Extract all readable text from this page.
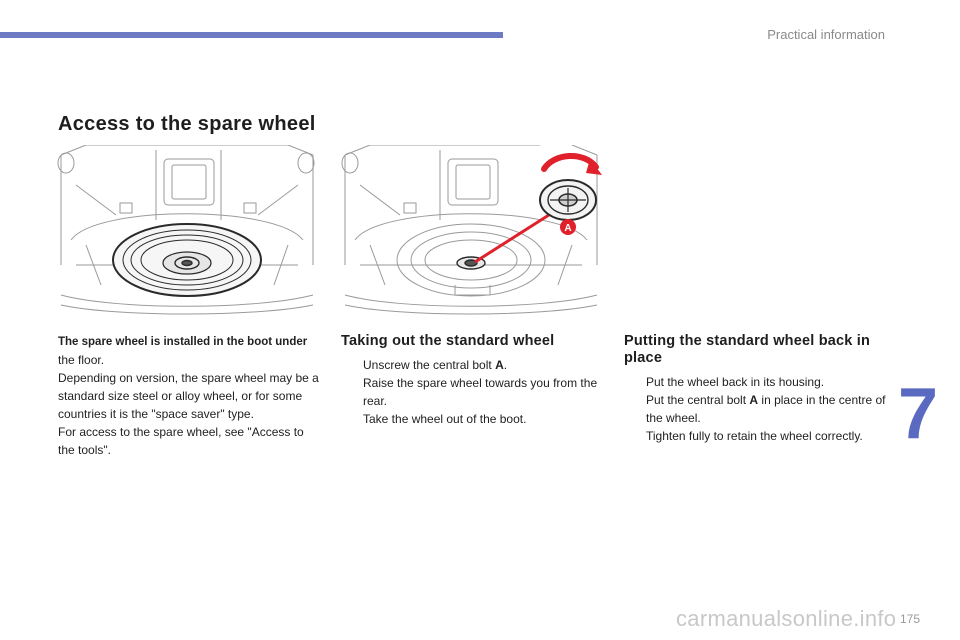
Practical information
Access to the spare wheel
A

The spare wheel is installed in the boot under

the floor.

Depending on version, the spare wheel may be a standard size steel or alloy wheel, or for some countries it is the "space saver" type.

For access to the spare wheel, see "Access to the tools".

Taking out the standard wheel
Unscrew the central bolt A.
Raise the spare wheel towards you from the rear.
Take the wheel out of the boot.
Putting the standard wheel back in place
Put the wheel back in its housing.
Put the central bolt A in place in the centre of the wheel.
Tighten fully to retain the wheel correctly. 7
carmanualsonline.info 175
